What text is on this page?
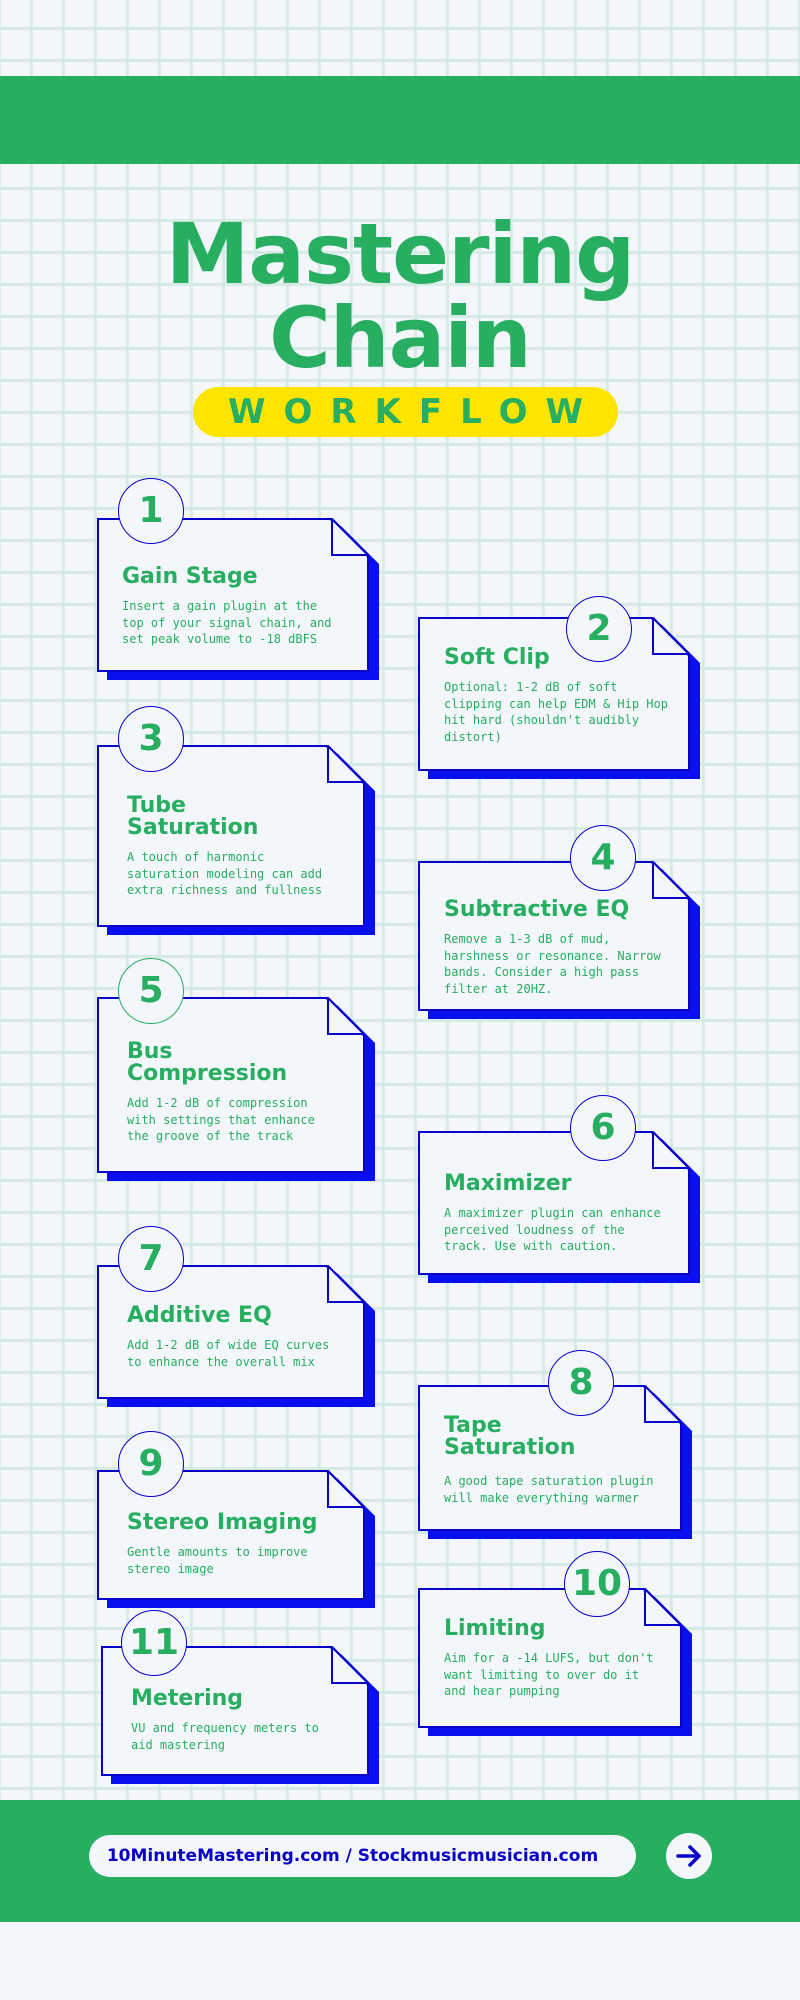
Mastering
Chain
WORKFLOW
Gain Stage
Insert a gain plugin at the
top of your signal chain, and
set peak volume to -18 dBFS
1
Soft Clip
Optional: 1-2 dB of soft
clipping can help EDM & Hip Hop
hit hard (shouldn't audibly
distort)
2
Tube
Saturation
A touch of harmonic
saturation modeling can add
extra richness and fullness
3
Subtractive EQ
Remove a 1-3 dB of mud,
harshness or resonance. Narrow
bands. Consider a high pass
filter at 20HZ.
4
Bus
Compression
Add 1-2 dB of compression
with settings that enhance
the groove of the track
5
Maximizer
A maximizer plugin can enhance
perceived loudness of the
track. Use with caution.
6
Additive EQ
Add 1-2 dB of wide EQ curves
to enhance the overall mix
7
Tape
Saturation
A good tape saturation plugin
will make everything warmer
8
Stereo Imaging
Gentle amounts to improve
stereo image
9
Limiting
Aim for a -14 LUFS, but don't
want limiting to over do it
and hear pumping
10
Metering
VU and frequency meters to
aid mastering
11
10MinuteMastering.com / Stockmusicmusician.com
